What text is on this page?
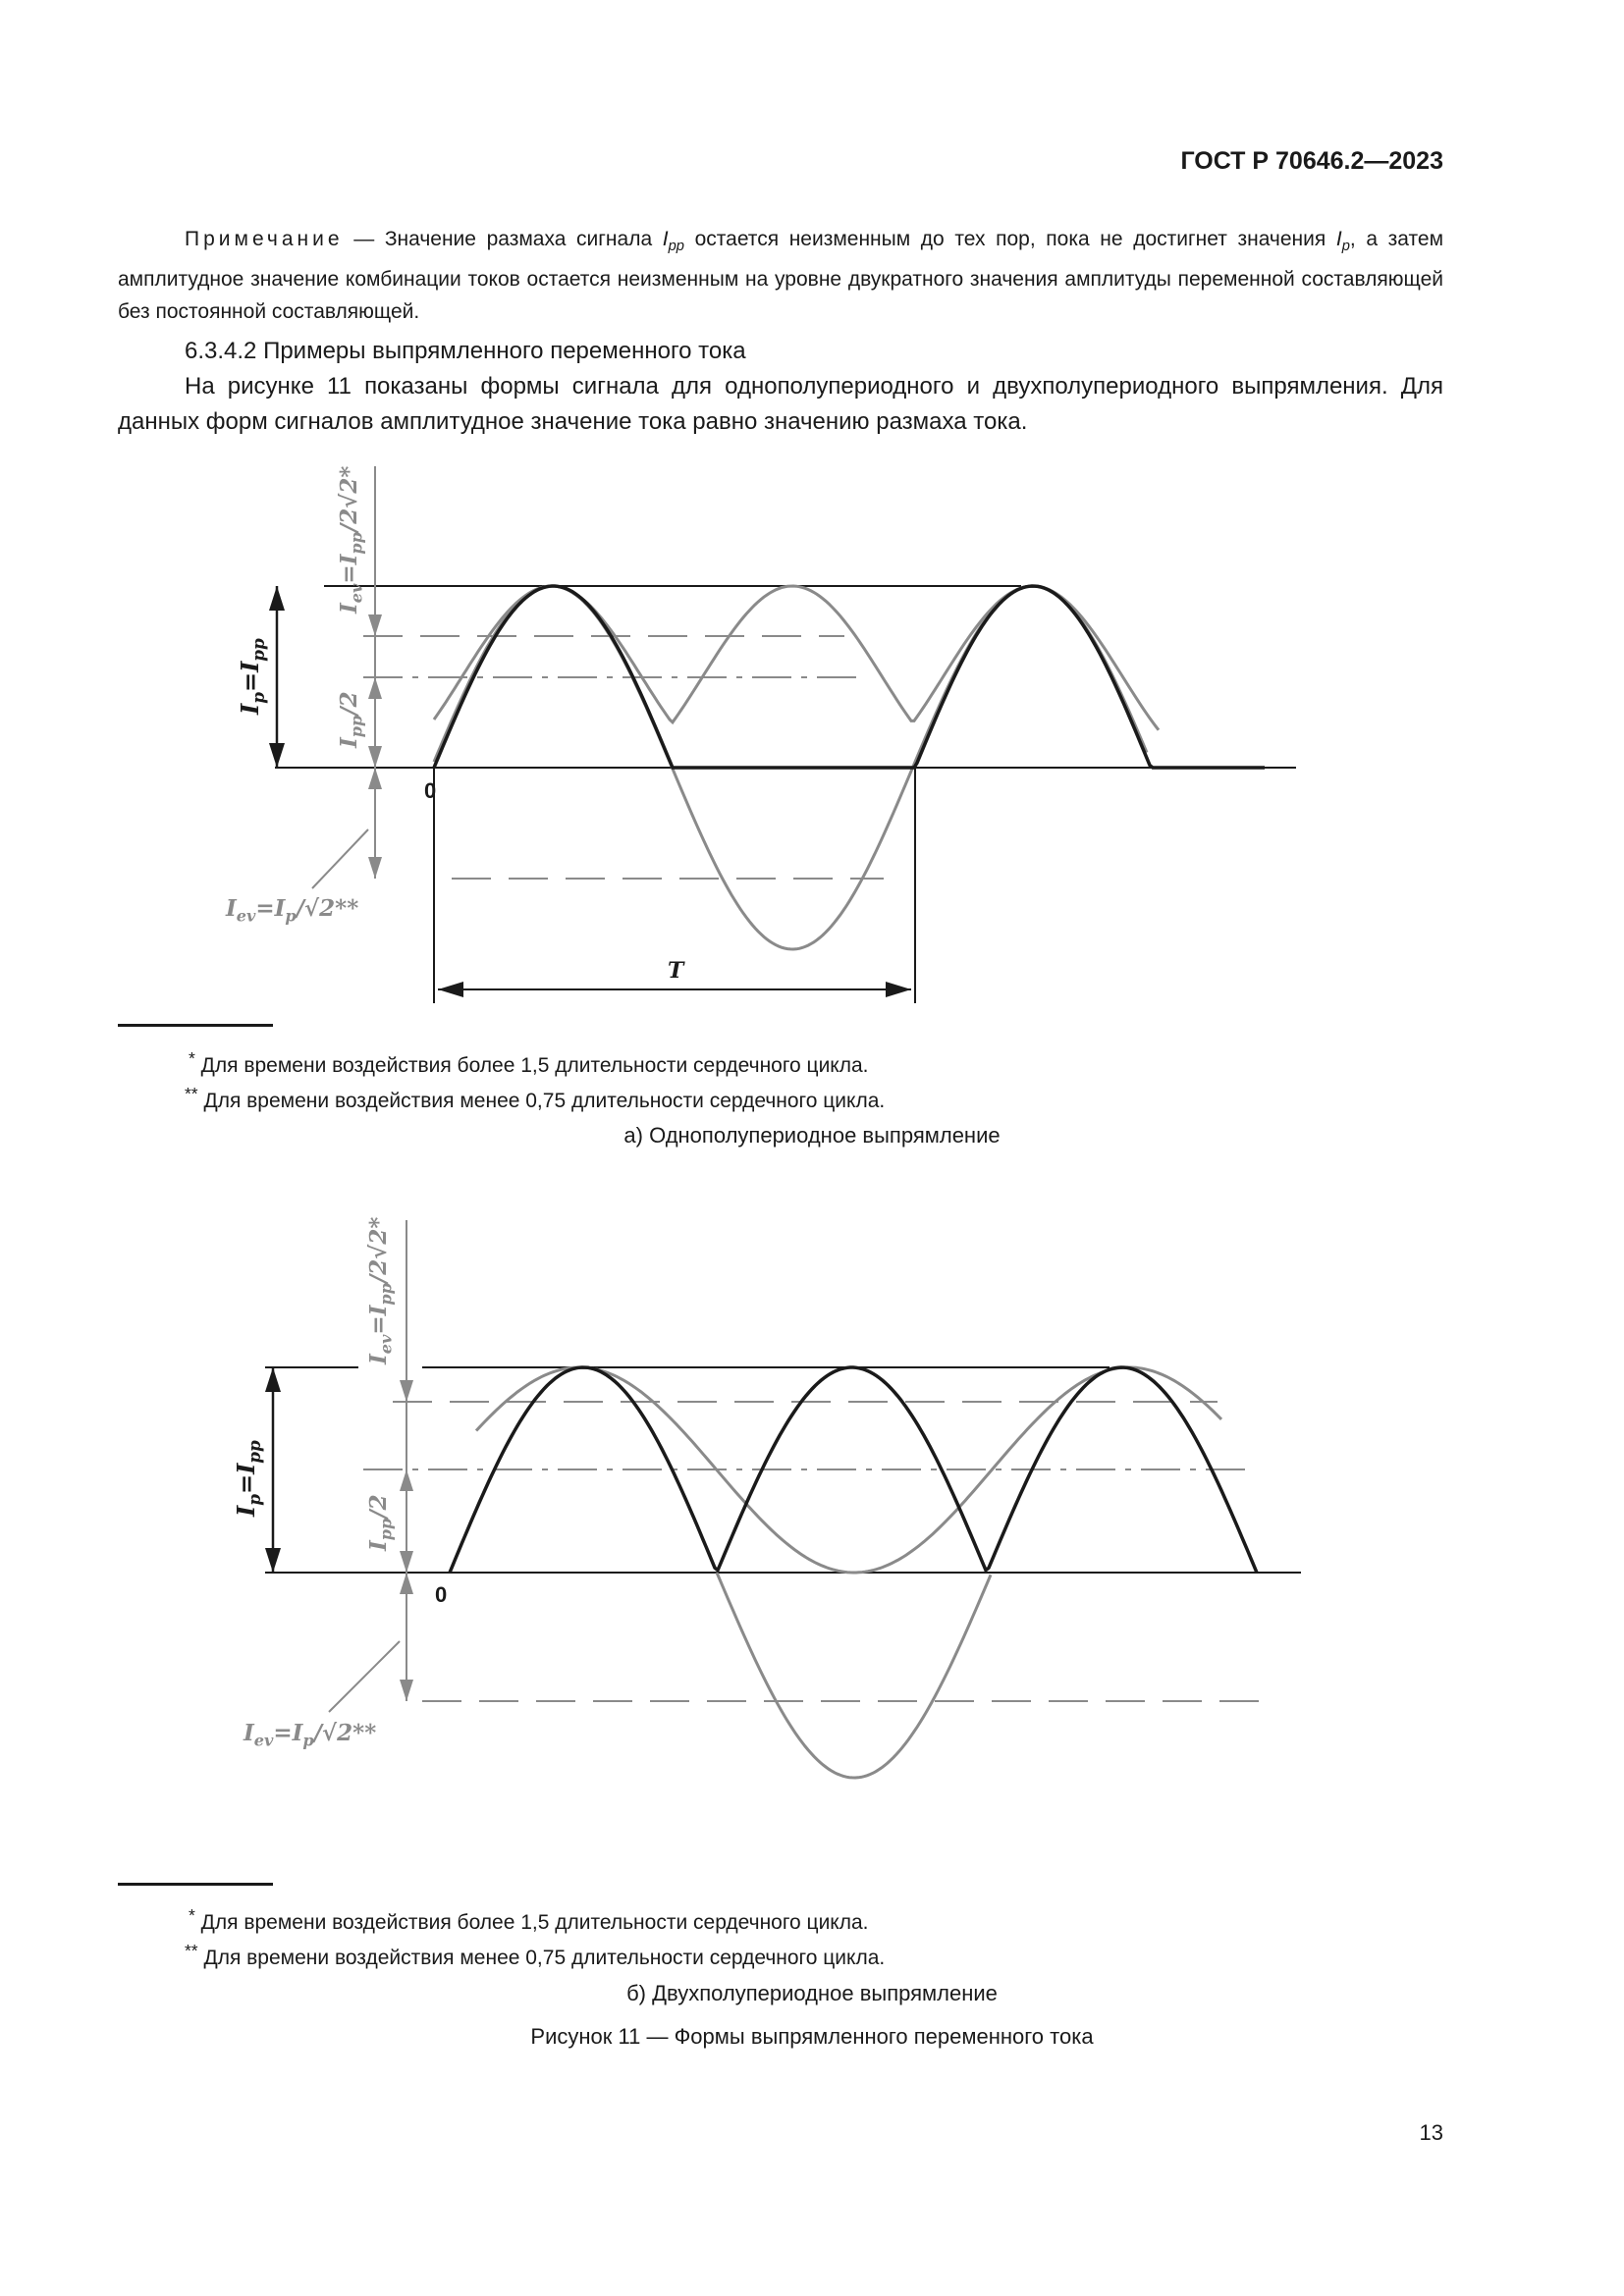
ГОСТ Р 70646.2—2023

Примечание — Значение размаха сигнала $I_{pp}$ остается неизменным до тех пор, пока не достигнет значения $I_p$, а затем амплитудное значение комбинации токов остается неизменным на уровне двукратного значения амплитуды переменной составляющей без постоянной составляющей.

6.3.4.2 Примеры выпрямленного переменного тока

На рисунке 11 показаны формы сигнала для однополупериодного и двухполупериодного выпрямления. Для данных форм сигналов амплитудное значение тока равно значению размаха тока.

$I_p=I_{pp}$
$I_{ev}=I_{pp}/2√2*$
$I_{pp}/2$
0
T
$I_{ev}=I_p/√2**$
* Для времени воздействия более 1,5 длительности сердечного цикла.
** Для времени воздействия менее 0,75 длительности сердечного цикла.
а) Однополупериодное выпрямление
$I_p=I_{pp}$
$I_{ev}=I_{pp}/2√2*$
$I_{pp}/2$
0
$I_{ev}=I_p/√2**$
* Для времени воздействия более 1,5 длительности сердечного цикла.
** Для времени воздействия менее 0,75 длительности сердечного цикла.
б) Двухполупериодное выпрямление
Рисунок 11 — Формы выпрямленного переменного тока
13
